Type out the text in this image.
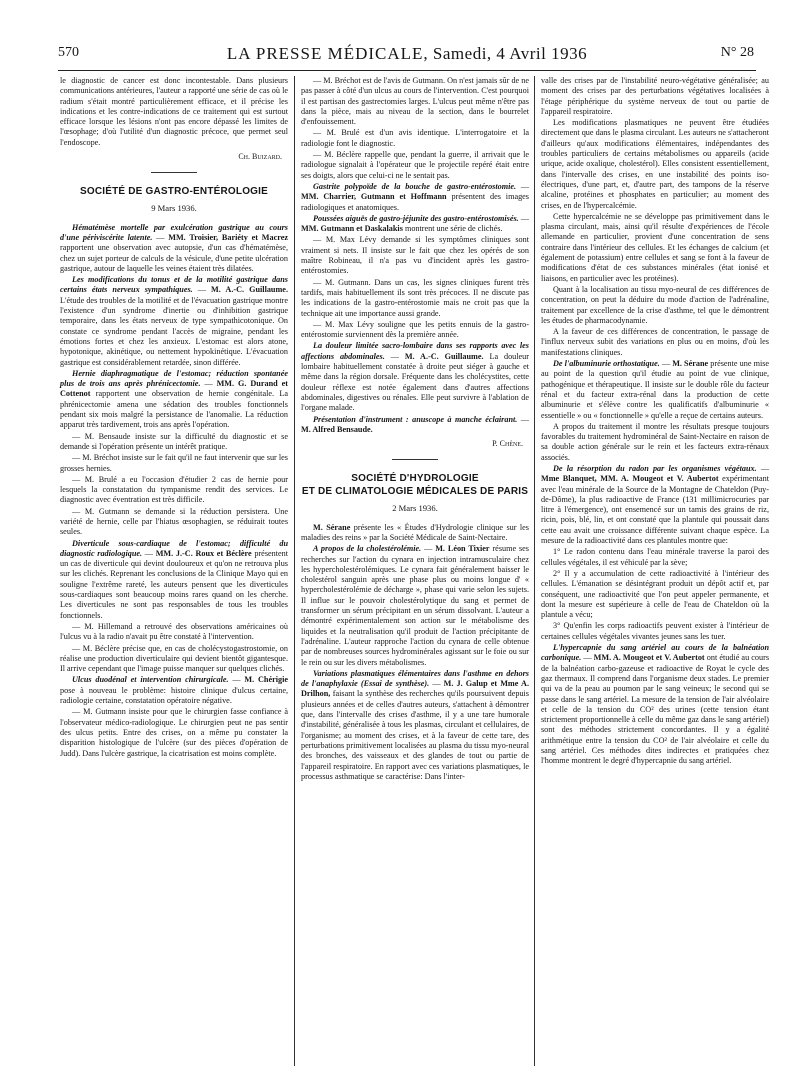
570	LA PRESSE MÉDICALE, Samedi, 4 Avril 1936	N° 28

le diagnostic de cancer est donc incontestable. Dans plusieurs communications antérieures, l'auteur a rapporté une série de cas où le radium s'était montré particulièrement efficace, et il précise les indications et les contre-indications de ce traitement qui est surtout efficace lorsque les lésions n'ont pas encore dépassé les limites de l'œsophage; d'où l'utilité d'un diagnostic précoce, que permet seul l'endoscope.

Ch. Buizard.
SOCIÉTÉ DE GASTRO-ENTÉROLOGIE
9 Mars 1936.

Hématémèse mortelle par exulcération gastrique au cours d'une périviscérite latente. — MM. Troisier, Bariéty et Macrez rapportent une observation avec autopsie, d'un cas d'hématémèse, chez un sujet porteur de calculs de la vésicule, d'une petite ulcération gastrique, autour de laquelle les veines étaient très dilatées.

Les modifications du tonus et de la motilité gastrique dans certains états nerveux sympathiques. — M. A.-C. Guillaume. L'étude des troubles de la motilité et de l'évacuation gastrique montre l'existence d'un syndrome d'inertie ou d'inhibition gastrique temporaire, dans les états nerveux de type sympathicotonique. On constate ce syndrome pendant l'accès de migraine, pendant les émotions fortes et chez les anxieux. L'estomac est alors atone, hypotonique, akinétique, ou nettement hypokinétique. L'évacuation gastrique est considérablement retardée, sinon différée.

Hernie diaphragmatique de l'estomac; réduction spontanée plus de trois ans après phrénicectomie. — MM. G. Durand et Cottenot rapportent une observation de hernie congénitale. La phrénicectomie amena une sédation des troubles fonctionnels pendant six mois malgré la persistance de l'anomalie. La réduction apparut très tardivement, trois ans après l'opération.

— M. Bensaude insiste sur la difficulté du diagnostic et se demande si l'opération présente un intérêt pratique.

— M. Bréchot insiste sur le fait qu'il ne faut intervenir que sur les grosses hernies.

— M. Brulé a eu l'occasion d'étudier 2 cas de hernie pour lesquels la constatation du tympanisme rendit des services. Le diagnostic avec éventration est très difficile.

— M. Gutmann se demande si la réduction persistera. Une variété de hernie, celle par l'hiatus œsophagien, se réduirait toutes seules.

Diverticule sous-cardiaque de l'estomac; difficulté du diagnostic radiologique. — MM. J.-C. Roux et Béclère présentent un cas de diverticule qui devint douloureux et qu'on ne retrouva plus sur les clichés. Reprenant les conclusions de la Clinique Mayo qui en souligne l'extrême rareté, les auteurs pensent que les diverticules sous-cardiaques sont beaucoup moins rares quand on les cherche. Les diverticules ne sont pas responsables de tous les troubles fonctionnels.

— M. Hillemand a retrouvé des observations américaines où l'ulcus vu à la radio n'avait pu être constaté à l'intervention.

— M. Béclère précise que, en cas de cholécystogastrostomie, on réalise une production diverticulaire qui devient bientôt gigantesque. Il arrive cependant que l'image puisse manquer sur quelques clichés.

Ulcus duodénal et intervention chirurgicale. — M. Chérigie pose à nouveau le problème: histoire clinique d'ulcus certaine, radiologie certaine, constatation opératoire négative.

— M. Gutmann insiste pour que le chirurgien fasse confiance à l'observateur médico-radiologique. Le chirurgien peut ne pas sentir des ulcus petits. Entre des crises, on a même pu constater la disparition histologique de l'ulcère (sur des pièces d'opération de Judd). Dans l'ulcère gastrique, la cicatrisation est moins complète.

— M. Bréchot est de l'avis de Gutmann. On n'est jamais sûr de ne pas passer à côté d'un ulcus au cours de l'intervention. C'est pourquoi il est partisan des gastrectomies larges. L'ulcus peut même n'être pas dans la pièce, mais au niveau de la section, dans le bourrelet d'enfouissement.

— M. Brulé est d'un avis identique. L'interrogatoire et la radiologie font le diagnostic.

— M. Béclère rappelle que, pendant la guerre, il arrivait que le radiologue signalait à l'opérateur que le projectile repéré était entre ses doigts, alors que celui-ci ne le sentait pas.

Gastrite polypoïde de la bouche de gastro-entérostomie. — MM. Charrier, Gutmann et Hoffmann présentent des images radiologiques et anatomiques.

Poussées aiguës de gastro-jéjunite des gastro-entérostomisés. — MM. Gutmann et Daskalakis montrent une série de clichés.

— M. Max Lévy demande si les symptômes cliniques sont vraiment si nets. Il insiste sur le fait que chez les opérés de son maître Robineau, il n'a pas vu d'incident après les gastro-entérostomies.

— M. Gutmann. Dans un cas, les signes cliniques furent très tardifs, mais habituellement ils sont très précoces. Il ne discute pas les indications de la gastro-entérostomie mais ne croit pas que la technique ait une importance aussi grande.

— M. Max Lévy souligne que les petits ennuis de la gastro-entérostomie surviennent dès la première année.

La douleur limitée sacro-lombaire dans ses rapports avec les affections abdominales. — M. A.-C. Guillaume. La douleur lombaire habituellement constatée à droite peut siéger à gauche et même dans la région dorsale. Fréquente dans les cholécystites, cette douleur réflexe est notée également dans d'autres affections abdominales, digestives ou rénales. Elle peut survivre à l'ablation de l'organe malade.

Présentation d'instrument : anuscope à manche éclairant. — M. Alfred Bensaude.

P. Chêne.
SOCIÉTÉ D'HYDROLOGIE
ET DE CLIMATOLOGIE MÉDICALES DE PARIS
2 Mars 1936.

M. Sérane présente les « Études d'Hydrologie clinique sur les maladies des reins » par la Société Médicale de Saint-Nectaire.

A propos de la cholestérolémie. — M. Léon Tixier résume ses recherches sur l'action du cynara en injection intramusculaire chez les hypercholestérolémiques. Le cynara fait généralement baisser le cholestérol sanguin après une phase plus ou moins longue d' « hypercholestérolémie de décharge », phase qui varie selon les sujets. Il influe sur le pouvoir cholestérolytique du sang et permet de transformer un sérum précipitant en un sérum dissolvant. L'auteur a démontré expérimentalement son action sur le métabolisme des liquides et la neutralisation qu'il produit de l'action précipitante de l'adrénaline. L'auteur rapproche l'action du cynara de celle obtenue par de nombreuses sources hydrominérales agissant sur le foie ou sur le rein ou sur les divers métabolismes.

Variations plasmatiques élémentaires dans l'asthme en dehors de l'anaphylaxie (Essai de synthèse). — M. J. Galup et Mme A. Drilhon, faisant la synthèse des recherches qu'ils poursuivent depuis plusieurs années et de celles d'autres auteurs, s'attachent à démontrer que, dans l'intervalle des crises d'asthme, il y a une tare humorale d'instabilité, généralisée à tous les plasmas, circulant et cellulaires, de l'organisme; au moment des crises, et à la faveur de cette tare, des perturbations primitivement localisées au plasma du tissu myo-neural des bronches, des vaisseaux et des glandes de tout ou partie de l'appareil respiratoire. En rapport avec ces variations plasmatiques, le processus asthmatique se caractérise: Dans l'inter-

valle des crises par de l'instabilité neuro-végétative généralisée; au moment des crises par des perturbations végétatives localisées à l'étage périphérique du système nerveux de tout ou partie de l'appareil respiratoire.

Les modifications plasmatiques ne peuvent être étudiées directement que dans le plasma circulant. Les auteurs ne s'attacheront d'ailleurs qu'aux modifications élémentaires, indépendantes des troubles particuliers de certains métabolismes ou appareils (acide urique, acide oxalique, cholestérol). Elles consistent essentiellement, dans l'intervalle des crises, en une instabilité des points iso-électriques, d'une part, et, d'autre part, des tampons de la réserve alcaline, protéines et phosphates en particulier; au moment des crises, en de l'hypercalcémie.

Cette hypercalcémie ne se développe pas primitivement dans le plasma circulant, mais, ainsi qu'il résulte d'expériences de l'école allemande en particulier, provient d'une concentration de sens contraire dans l'intérieur des cellules. Et les échanges de calcium (et également de potassium) entre cellules et sang se font à la faveur de modifications d'état de ces substances minérales (état ionisé et liaisons, en particulier avec les protéines).

Quant à la localisation au tissu myo-neural de ces différences de concentration, on peut la déduire du mode d'action de l'adrénaline, traitement par excellence de la crise d'asthme, tel que le démontrent les études de pharmacodynamie.

A la faveur de ces différences de concentration, le passage de l'influx nerveux subit des variations en plus ou en moins, d'où les manifestations cliniques.

De l'albuminurie orthostatique. — M. Sérane présente une mise au point de la question qu'il étudie au point de vue clinique, pathogénique et thérapeutique. Il insiste sur le double rôle du facteur rénal et du facteur extra-rénal dans la production de cette albuminurie et s'élève contre les qualificatifs d'albuminurie « essentielle » ou « fonctionnelle » qu'elle a reçue de certains auteurs.

A propos du traitement il montre les résultats presque toujours favorables du traitement hydrominéral de Saint-Nectaire en raison de sa double action générale sur le rein et les facteurs extra-rénaux associés.

De la résorption du radon par les organismes végétaux. — Mme Blanquet, MM. A. Mougeot et V. Aubertot expérimentant avec l'eau minérale de la Source de la Montagne de Chateldon (Puy-de-Dôme), la plus radioactive de France (131 millimicrocuries par litre à l'émergence), ont ensemencé sur un tamis des grains de riz, ricin, pois, blé, lin, et ont constaté que la plantule qui poussait dans cette eau avait une croissance différente suivant chaque espèce. La mesure de la radioactivité dans ces plantules montre que:

1° Le radon contenu dans l'eau minérale traverse la paroi des cellules végétales, il est véhiculé par la sève;

2° Il y a accumulation de cette radioactivité à l'intérieur des cellules. L'émanation se désintégrant produit un dépôt actif et, par conséquent, une radioactivité que l'on peut appeler permanente, et dont la mesure est supérieure à celle de l'eau de Chateldon où la plantule a vécu;

3° Qu'enfin les corps radioactifs peuvent exister à l'intérieur de certaines cellules végétales vivantes jeunes sans les tuer.

L'hypercapnie du sang artériel au cours de la balnéation carbonique. — MM. A. Mougeot et V. Aubertot ont étudié au cours de la balnéation carbo-gazeuse et radioactive de Royat le cycle des gaz thermaux. Il comprend dans l'organisme deux stades. Le premier qui va de la peau au poumon par le sang veineux; le second qui se passe dans le sang artériel. La mesure de la tension de l'air alvéolaire et celle de la tension du CO² des urines (cette tension étant strictement proportionnelle à celle du même gaz dans le sang artériel) sont des méthodes strictement concordantes. Il y a égalité arithmétique entre la tension du CO² de l'air alvéolaire et celle du sang artériel. Ces méthodes dites indirectes et pratiquées chez l'homme montrent le degré d'hypercapnie du sang artériel.
